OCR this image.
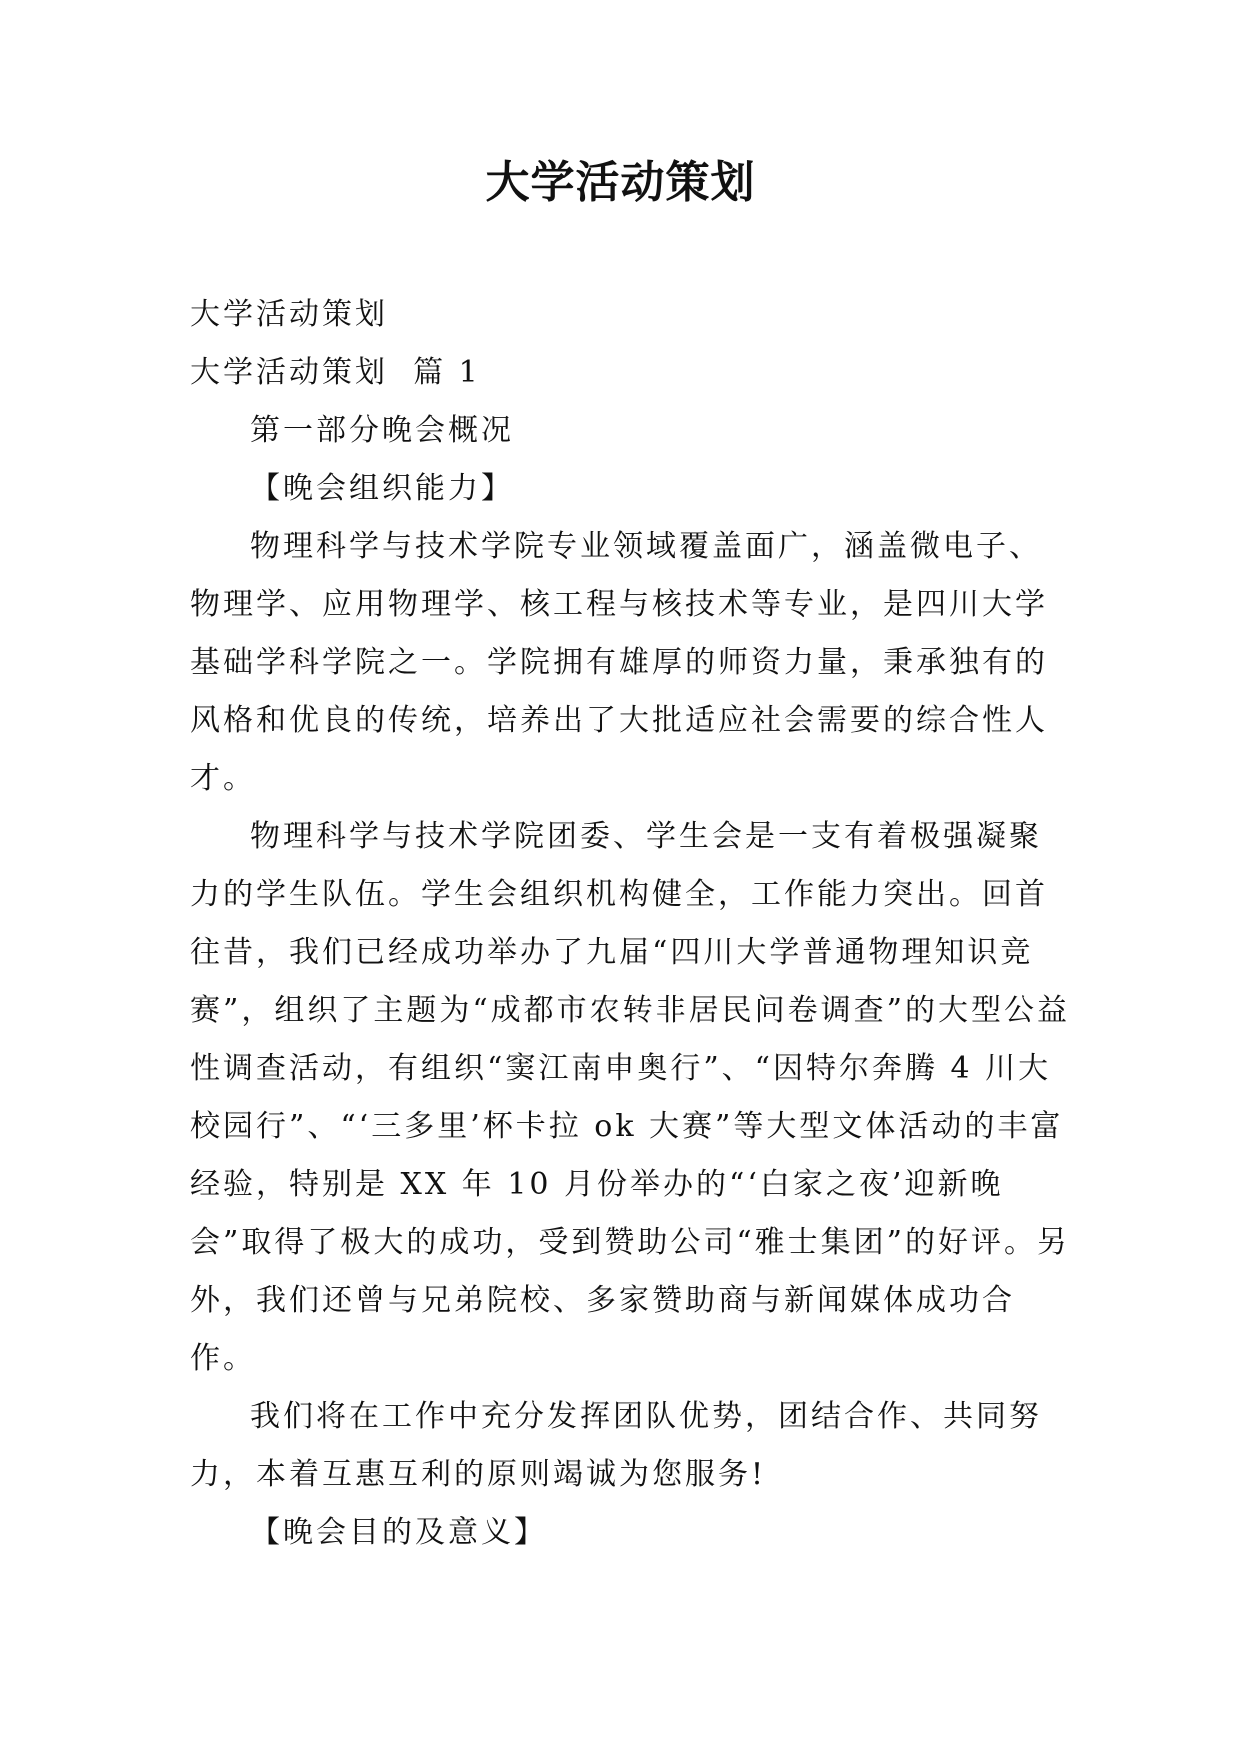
大学活动策划

大学活动策划

大学活动策划  篇 1

第一部分晚会概况

【晚会组织能力】

物理科学与技术学院专业领域覆盖面广，涵盖微电子、物理学、应用物理学、核工程与核技术等专业，是四川大学基础学科学院之一。学院拥有雄厚的师资力量，秉承独有的风格和优良的传统，培养出了大批适应社会需要的综合性人才。

物理科学与技术学院团委、学生会是一支有着极强凝聚力的学生队伍。学生会组织机构健全，工作能力突出。回首往昔，我们已经成功举办了九届“四川大学普通物理知识竞赛”，组织了主题为“成都市农转非居民问卷调查”的大型公益性调查活动，有组织“窦江南申奥行”、“因特尔奔腾 4 川大校园行”、“‘三多里’杯卡拉 ok 大赛”等大型文体活动的丰富经验，特别是 XX 年 10 月份举办的“‘白家之夜’迎新晚会”取得了极大的成功，受到赞助公司“雅士集团”的好评。另外，我们还曾与兄弟院校、多家赞助商与新闻媒体成功合作。

我们将在工作中充分发挥团队优势，团结合作、共同努力，本着互惠互利的原则竭诚为您服务!

【晚会目的及意义】
